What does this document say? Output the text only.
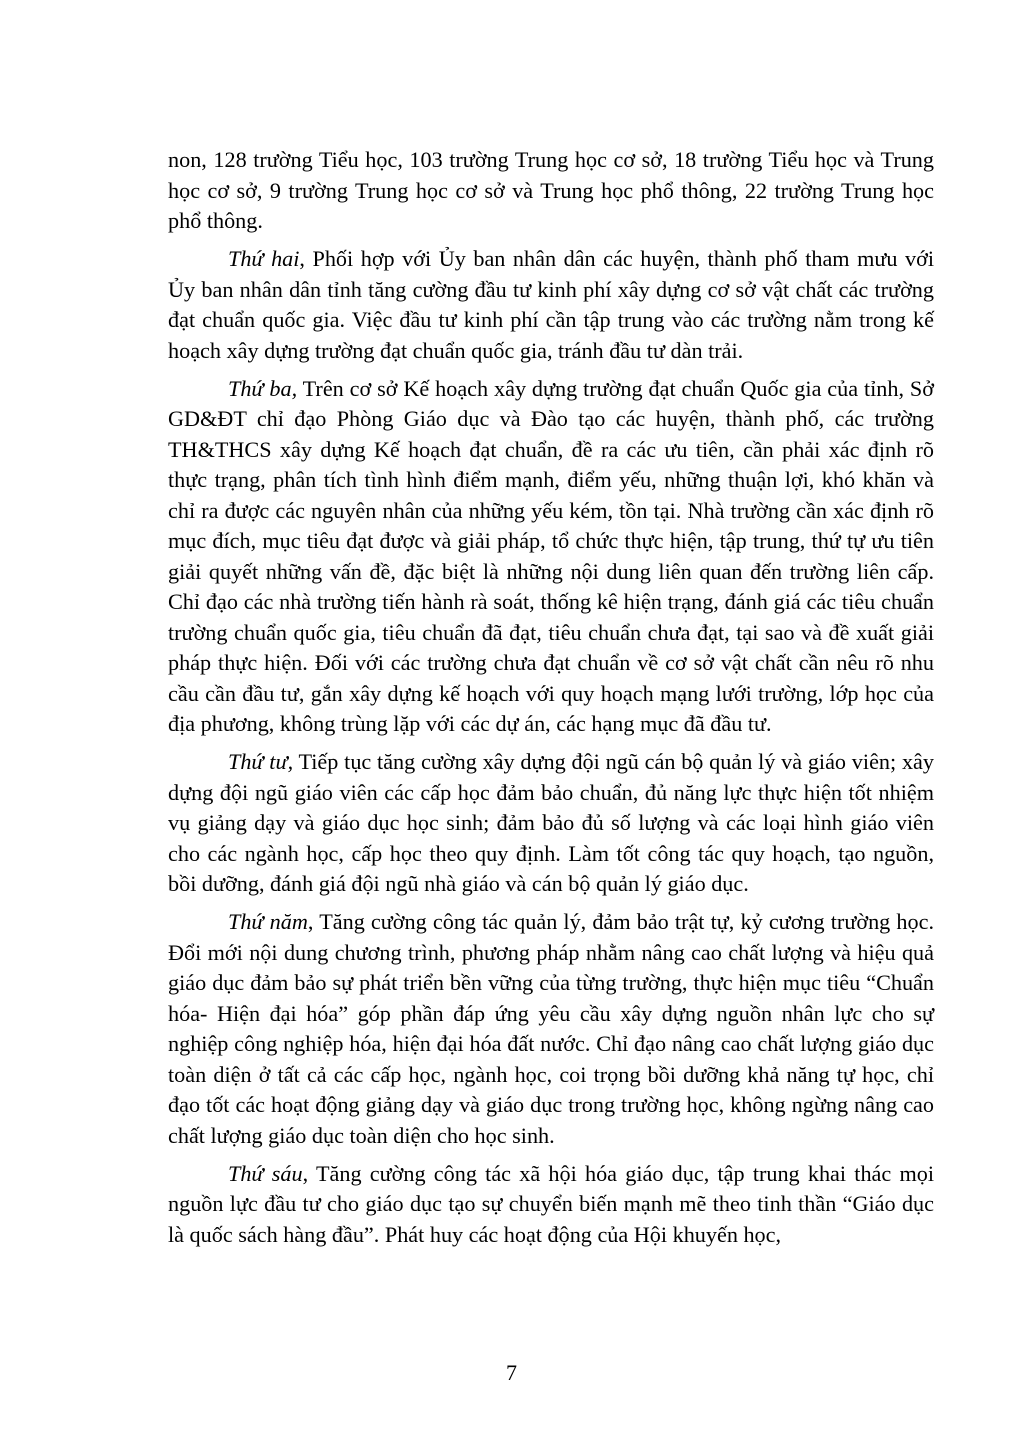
non, 128 trường Tiểu học, 103 trường Trung học cơ sở, 18 trường Tiểu học và Trung học cơ sở, 9 trường Trung học cơ sở và Trung học phổ thông, 22 trường Trung học phổ thông.

Thứ hai, Phối hợp với Ủy ban nhân dân các huyện, thành phố tham mưu với Ủy ban nhân dân tỉnh tăng cường đầu tư kinh phí xây dựng cơ sở vật chất các trường đạt chuẩn quốc gia. Việc đầu tư kinh phí cần tập trung vào các trường nằm trong kế hoạch xây dựng trường đạt chuẩn quốc gia, tránh đầu tư dàn trải.

Thứ ba, Trên cơ sở Kế hoạch xây dựng trường đạt chuẩn Quốc gia của tỉnh, Sở GD&ĐT chỉ đạo Phòng Giáo dục và Đào tạo các huyện, thành phố, các trường TH&THCS xây dựng Kế hoạch đạt chuẩn, đề ra các ưu tiên, cần phải xác định rõ thực trạng, phân tích tình hình điểm mạnh, điểm yếu, những thuận lợi, khó khăn và chỉ ra được các nguyên nhân của những yếu kém, tồn tại. Nhà trường cần xác định rõ mục đích, mục tiêu đạt được và giải pháp, tổ chức thực hiện, tập trung, thứ tự ưu tiên giải quyết những vấn đề, đặc biệt là những nội dung liên quan đến trường liên cấp. Chỉ đạo các nhà trường tiến hành rà soát, thống kê hiện trạng, đánh giá các tiêu chuẩn trường chuẩn quốc gia, tiêu chuẩn đã đạt, tiêu chuẩn chưa đạt, tại sao và đề xuất giải pháp thực hiện. Đối với các trường chưa đạt chuẩn về cơ sở vật chất cần nêu rõ nhu cầu cần đầu tư, gắn xây dựng kế hoạch với quy hoạch mạng lưới trường, lớp học của địa phương, không trùng lặp với các dự án, các hạng mục đã đầu tư.

Thứ tư, Tiếp tục tăng cường xây dựng đội ngũ cán bộ quản lý và giáo viên; xây dựng đội ngũ giáo viên các cấp học đảm bảo chuẩn, đủ năng lực thực hiện tốt nhiệm vụ giảng dạy và giáo dục học sinh; đảm bảo đủ số lượng và các loại hình giáo viên cho các ngành học, cấp học theo quy định. Làm tốt công tác quy hoạch, tạo nguồn, bồi dưỡng, đánh giá đội ngũ nhà giáo và cán bộ quản lý giáo dục.

Thứ năm, Tăng cường công tác quản lý, đảm bảo trật tự, kỷ cương trường học. Đổi mới nội dung chương trình, phương pháp nhằm nâng cao chất lượng và hiệu quả giáo dục đảm bảo sự phát triển bền vững của từng trường, thực hiện mục tiêu “Chuẩn hóa- Hiện đại hóa” góp phần đáp ứng yêu cầu xây dựng nguồn nhân lực cho sự nghiệp công nghiệp hóa, hiện đại hóa đất nước. Chỉ đạo nâng cao chất lượng giáo dục toàn diện ở tất cả các cấp học, ngành học, coi trọng bồi dưỡng khả năng tự học, chỉ đạo tốt các hoạt động giảng dạy và giáo dục trong trường học, không ngừng nâng cao chất lượng giáo dục toàn diện cho học sinh.

Thứ sáu, Tăng cường công tác xã hội hóa giáo dục, tập trung khai thác mọi nguồn lực đầu tư cho giáo dục tạo sự chuyển biến mạnh mẽ theo tinh thần “Giáo dục là quốc sách hàng đầu”. Phát huy các hoạt động của Hội khuyến học,

7
